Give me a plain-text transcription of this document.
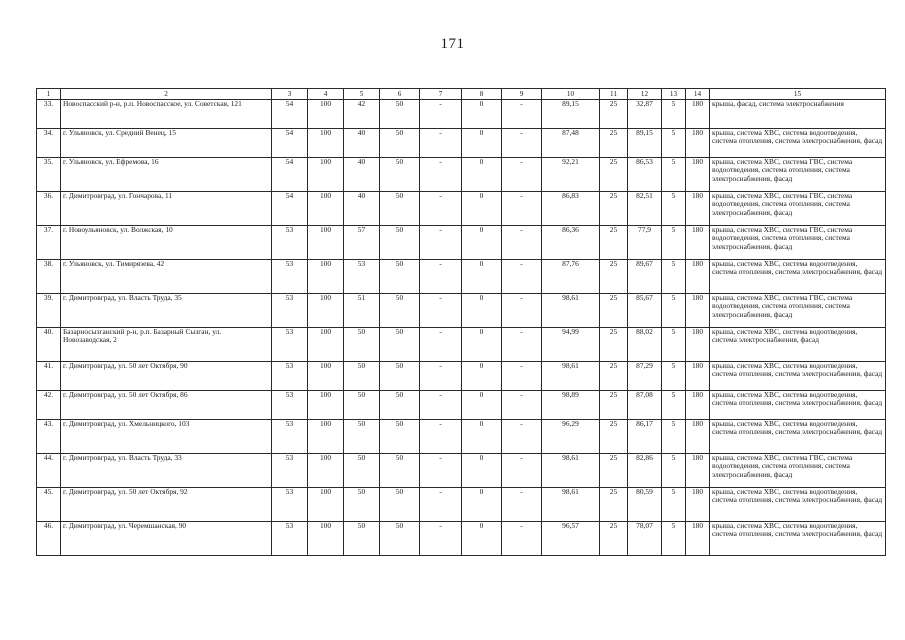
171
1	2	3	4	5	6	7	8	9	10	11	12	13	14	15
33.	Новоспасский р-н, р.п. Новоспасское, ул. Советская, 121	54	100	42	50	-	0	-	89,15	25	32,87	5	180	крыша, фасад, система электроснабжения
34.	г. Ульяновск, ул. Средний Венец, 15	54	100	40	50	-	0	-	87,48	25	89,15	5	180	крыша, система ХВС, система водоотведения, система отопления, система электроснабжения, фасад
35.	г. Ульяновск, ул. Ефремова, 16	54	100	40	50	-	0	-	92,21	25	86,53	5	180	крыша, система ХВС, система ГВС, система водоотведения, система отопления, система электроснабжения, фасад
36.	г. Димитровград, ул. Гончарова, 11	54	100	40	50	-	0	-	86,83	25	82,51	5	180	крыша, система ХВС, система ГВС, система водоотведения, система отопления, система электроснабжения, фасад
37.	г. Новоульяновск, ул. Волжская, 10	53	100	57	50	-	0	-	86,36	25	77,9	5	180	крыша, система ХВС, система ГВС, система водоотведения, система отопления, система электроснабжения, фасад
38.	г. Ульяновск, ул. Тимирязева, 42	53	100	53	50	-	0	-	87,76	25	89,67	5	180	крыша, система ХВС, система водоотведения, система отопления, система электроснабжения, фасад
39.	г. Димитровград, ул. Власть Труда, 35	53	100	51	50	-	0	-	98,61	25	85,67	5	180	крыша, система ХВС, система ГВС, система водоотведения, система отопления, система электроснабжения, фасад
40.	Базарносызганский р-н, р.п. Базарный Сызган, ул. Новозаводская, 2	53	100	50	50	-	0	-	94,99	25	88,02	5	180	крыша, система ХВС, система водоотведения, система электроснабжения, фасад
41.	г. Димитровград, ул. 50 лет Октября, 90	53	100	50	50	-	0	-	98,61	25	87,29	5	180	крыша, система ХВС, система водоотведения, система отопления, система электроснабжения, фасад
42.	г. Димитровград, ул. 50 лет Октября, 86	53	100	50	50	-	0	-	98,89	25	87,08	5	180	крыша, система ХВС, система водоотведения, система отопления, система электроснабжения, фасад
43.	г. Димитровград, ул. Хмельницкого, 103	53	100	50	50	-	0	-	96,29	25	86,17	5	180	крыша, система ХВС, система водоотведения, система отопления, система электроснабжения, фасад
44.	г. Димитровград, ул. Власть Труда, 33	53	100	50	50	-	0	-	98,61	25	82,86	5	180	крыша, система ХВС, система ГВС, система водоотведения, система отопления, система электроснабжения, фасад
45.	г. Димитровград, ул. 50 лет Октября, 92	53	100	50	50	-	0	-	98,61	25	80,59	5	180	крыша, система ХВС, система водоотведения, система отопления, система электроснабжения, фасад
46.	г. Димитровград, ул. Черемшанская, 90	53	100	50	50	-	0	-	96,57	25	78,07	5	180	крыша, система ХВС, система водоотведения, система отопления, система электроснабжения, фасад
